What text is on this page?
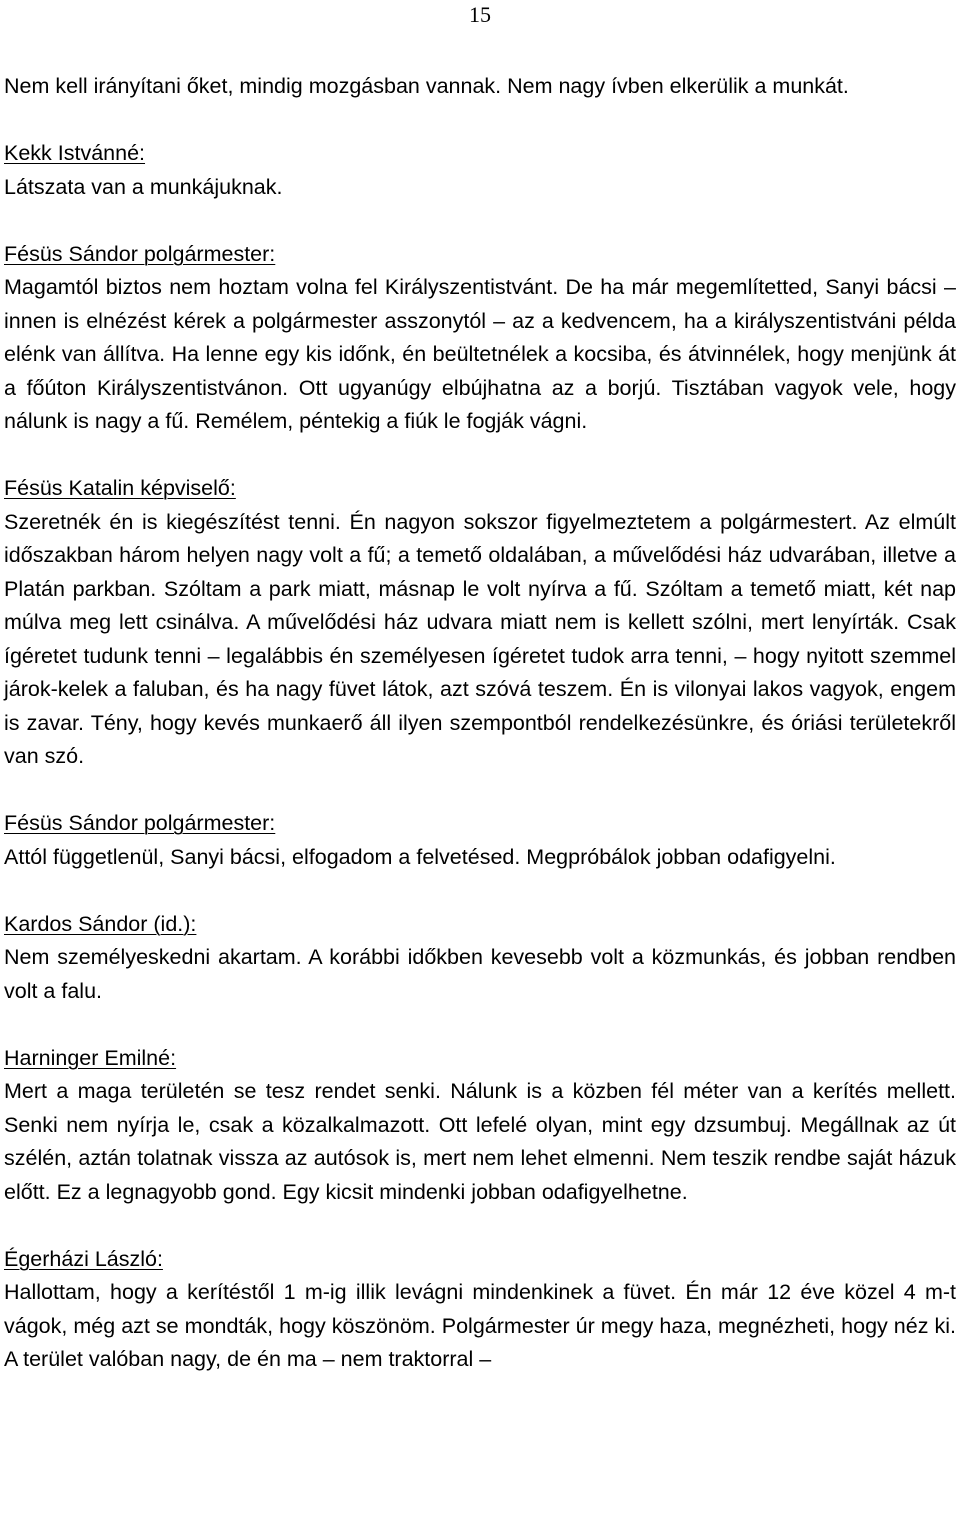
15
Nem kell irányítani őket, mindig mozgásban vannak. Nem nagy ívben elkerülik a munkát.
Kekk Istvánné:
Látszata van a munkájuknak.
Fésüs Sándor polgármester:
Magamtól biztos nem hoztam volna fel Királyszentistvánt. De ha már megemlítetted, Sanyi bácsi – innen is elnézést kérek a polgármester asszonytól – az a kedvencem, ha a királyszentistváni példa elénk van állítva. Ha lenne egy kis időnk, én beültetnélek a kocsiba, és átvinnélek, hogy menjünk át a főúton Királyszentistvánon. Ott ugyanúgy elbújhatna az a borjú. Tisztában vagyok vele, hogy nálunk is nagy a fű. Remélem, péntekig a fiúk le fogják vágni.
Fésüs Katalin képviselő:
Szeretnék én is kiegészítést tenni. Én nagyon sokszor figyelmeztetem a polgármestert. Az elmúlt időszakban három helyen nagy volt a fű; a temető oldalában, a művelődési ház udvarában, illetve a Platán parkban. Szóltam a park miatt, másnap le volt nyírva a fű. Szóltam a temető miatt, két nap múlva meg lett csinálva. A művelődési ház udvara miatt nem is kellett szólni, mert lenyírták. Csak ígéretet tudunk tenni – legalábbis én személyesen ígéretet tudok arra tenni, – hogy nyitott szemmel járok-kelek a faluban, és ha nagy füvet látok, azt szóvá teszem. Én is vilonyai lakos vagyok, engem is zavar. Tény, hogy kevés munkaerő áll ilyen szempontból rendelkezésünkre, és óriási területekről van szó.
Fésüs Sándor polgármester:
Attól függetlenül, Sanyi bácsi, elfogadom a felvetésed. Megpróbálok jobban odafigyelni.
Kardos Sándor (id.):
Nem személyeskedni akartam. A korábbi időkben kevesebb volt a közmunkás, és jobban rendben volt a falu.
Harninger Emilné:
Mert a maga területén se tesz rendet senki. Nálunk is a közben fél méter van a kerítés mellett. Senki nem nyírja le, csak a közalkalmazott. Ott lefelé olyan, mint egy dzsumbuj. Megállnak az út szélén, aztán tolatnak vissza az autósok is, mert nem lehet elmenni. Nem teszik rendbe saját házuk előtt. Ez a legnagyobb gond. Egy kicsit mindenki jobban odafigyelhetne.
Égerházi László:
Hallottam, hogy a kerítéstől 1 m-ig illik levágni mindenkinek a füvet. Én már 12 éve közel 4 m-t vágok, még azt se mondták, hogy köszönöm. Polgármester úr megy haza, megnézheti, hogy néz ki. A terület valóban nagy, de én ma – nem traktorral –
